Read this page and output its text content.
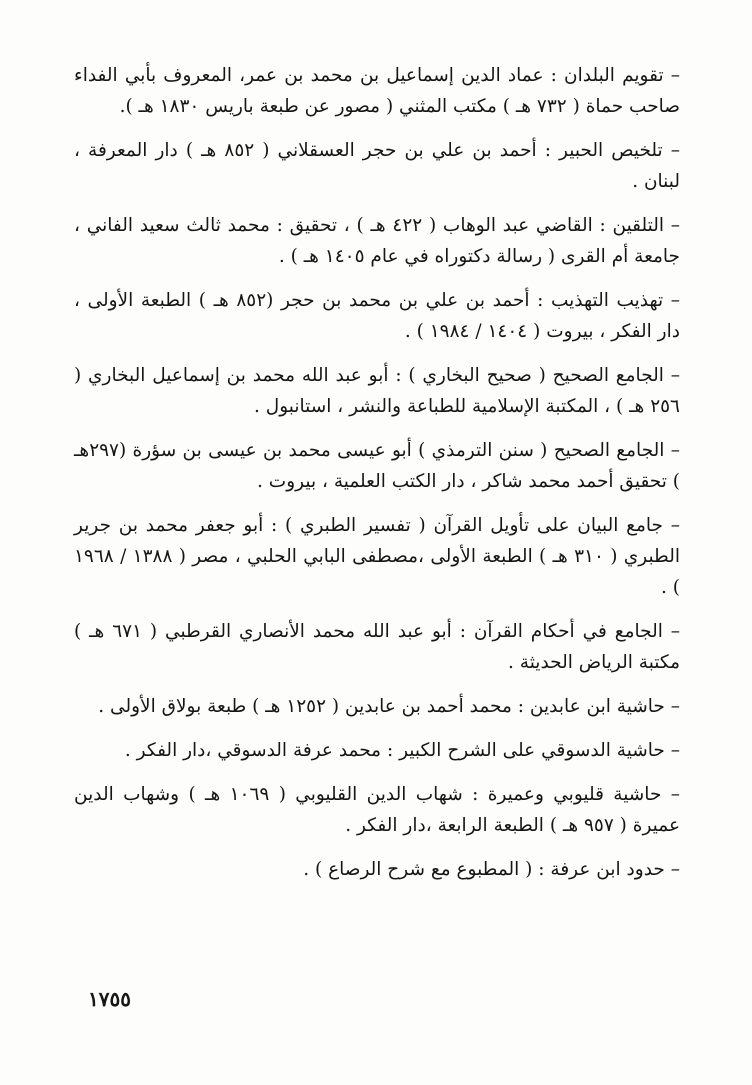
– تقويم البلدان : عماد الدين إسماعيل بن محمد بن عمر، المعروف بأبي الفداء صاحب حماة ( ٧٣٢ هـ ) مكتب المثني ( مصور عن طبعة باريس ١٨٣٠ هـ ).

– تلخيص الحبير : أحمد بن علي بن حجر العسقلاني ( ٨٥٢ هـ ) دار المعرفة ، لبنان .

– التلقين : القاضي عبد الوهاب ( ٤٢٢ هـ ) ، تحقيق : محمد ثالث سعيد الفاني ، جامعة أم القرى ( رسالة دكتوراه في عام ١٤٠٥ هـ ) .

– تهذيب التهذيب : أحمد بن علي بن محمد بن حجر (٨٥٢ هـ ) الطبعة الأولى ، دار الفكر ، بيروت ( ١٤٠٤ / ١٩٨٤ ) .

– الجامع الصحيح ( صحيح البخاري ) : أبو عبد الله محمد بن إسماعيل البخاري ( ٢٥٦ هـ ) ، المكتبة الإسلامية للطباعة والنشر ، استانبول .

– الجامع الصحيح ( سنن الترمذي ) أبو عيسى محمد بن عيسى بن سؤرة (٢٩٧هـ ) تحقيق أحمد محمد شاكر ، دار الكتب العلمية ، بيروت .

– جامع البيان على تأويل القرآن ( تفسير الطبري ) : أبو جعفر محمد بن جرير الطبري ( ٣١٠ هـ ) الطبعة الأولى ،مصطفى البابي الحلبي ، مصر ( ١٣٨٨ / ١٩٦٨ ) .

– الجامع في أحكام القرآن : أبو عبد الله محمد الأنصاري القرطبي ( ٦٧١ هـ ) مكتبة الرياض الحديثة .

– حاشية ابن عابدين : محمد أحمد بن عابدين ( ١٢٥٢ هـ ) طبعة بولاق الأولى .

– حاشية الدسوقي على الشرح الكبير : محمد عرفة الدسوقي ،دار الفكر .

– حاشية قليوبي وعميرة : شهاب الدين القليوبي ( ١٠٦٩ هـ ) وشهاب الدين عميرة ( ٩٥٧ هـ ) الطبعة الرابعة ،دار الفكر .

– حدود ابن عرفة : ( المطبوع مع شرح الرصاع ) .

١٧٥٥
